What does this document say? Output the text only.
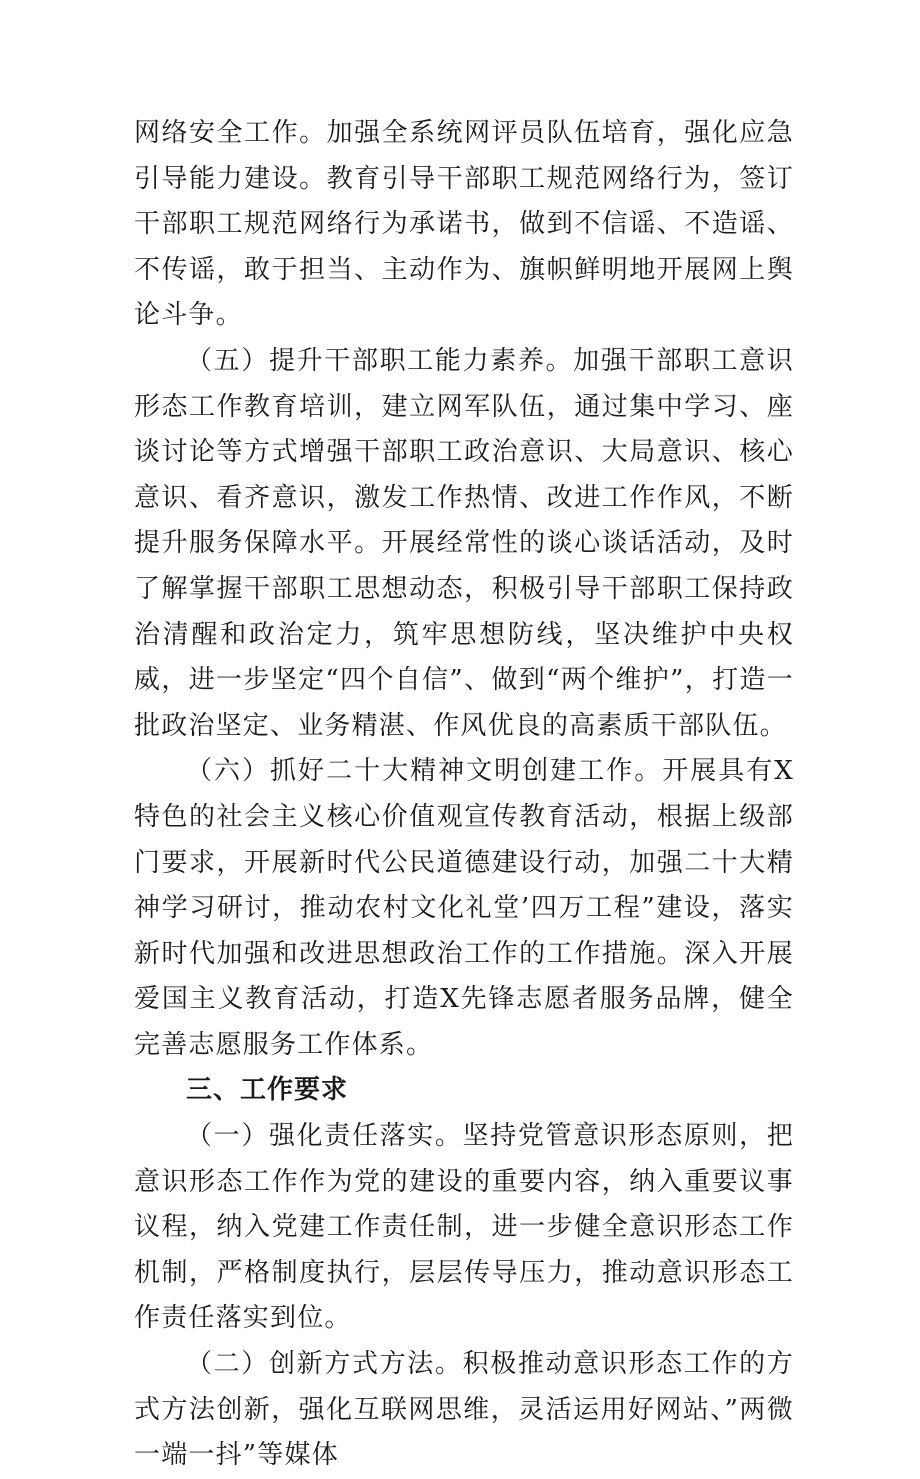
网络安全工作。加强全系统网评员队伍培育，强化应急引导能力建设。教育引导干部职工规范网络行为，签订干部职工规范网络行为承诺书，做到不信谣、不造谣、不传谣，敢于担当、主动作为、旗帜鲜明地开展网上舆论斗争。

（五）提升干部职工能力素养。加强干部职工意识形态工作教育培训，建立网军队伍，通过集中学习、座谈讨论等方式增强干部职工政治意识、大局意识、核心意识、看齐意识，激发工作热情、改进工作作风，不断提升服务保障水平。开展经常性的谈心谈话活动，及时了解掌握干部职工思想动态，积极引导干部职工保持政治清醒和政治定力，筑牢思想防线，坚决维护中央权威，进一步坚定“四个自信”、做到“两个维护”，打造一批政治坚定、业务精湛、作风优良的高素质干部队伍。

（六）抓好二十大精神文明创建工作。开展具有X特色的社会主义核心价值观宣传教育活动，根据上级部门要求，开展新时代公民道德建设行动，加强二十大精神学习研讨，推动农村文化礼堂’四万工程”建设，落实新时代加强和改进思想政治工作的工作措施。深入开展爱国主义教育活动，打造X先锋志愿者服务品牌，健全完善志愿服务工作体系。

三、工作要求

（一）强化责任落实。坚持党管意识形态原则，把意识形态工作作为党的建设的重要内容，纳入重要议事议程，纳入党建工作责任制，进一步健全意识形态工作机制，严格制度执行，层层传导压力，推动意识形态工作责任落实到位。

（二）创新方式方法。积极推动意识形态工作的方式方法创新，强化互联网思维，灵活运用好网站、”两微一端一抖”等媒体
